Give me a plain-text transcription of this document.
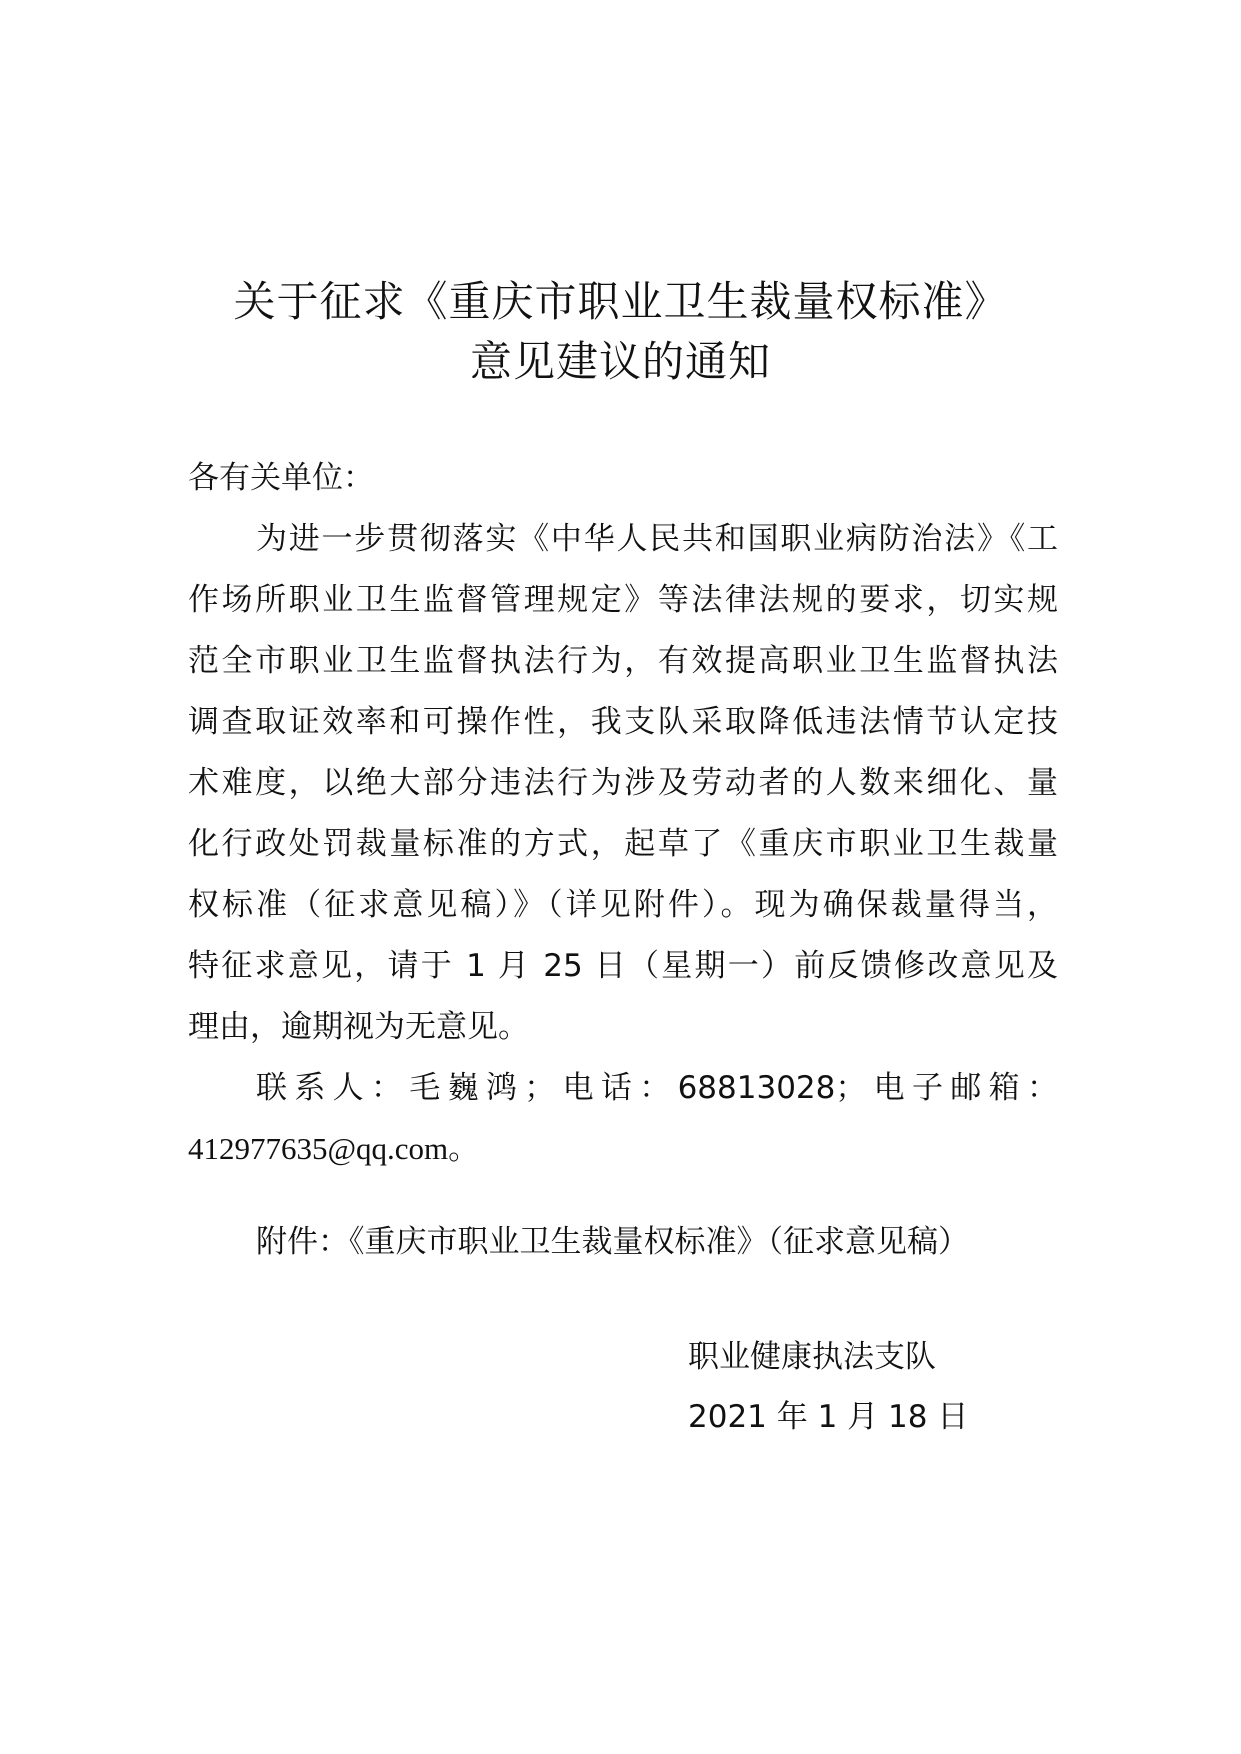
关于征求《重庆市职业卫生裁量权标准》
意见建议的通知
各有关单位：
为进一步贯彻落实《中华人民共和国职业病防治法》《工
作场所职业卫生监督管理规定》等法律法规的要求，切实规
范全市职业卫生监督执法行为，有效提高职业卫生监督执法
调查取证效率和可操作性，我支队采取降低违法情节认定技
术难度，以绝大部分违法行为涉及劳动者的人数来细化、量
化行政处罚裁量标准的方式，起草了《重庆市职业卫生裁量
权标准（征求意见稿）》（详见附件）。现为确保裁量得当，
特征求意见，请于 1 月 25 日（星期一）前反馈修改意见及
理由，逾期视为无意见。
联系人：毛巍鸿；电话：68813028；电子邮箱：
412977635@qq.com。
附件：《重庆市职业卫生裁量权标准》（征求意见稿）
职业健康执法支队
2021 年 1 月 18 日
